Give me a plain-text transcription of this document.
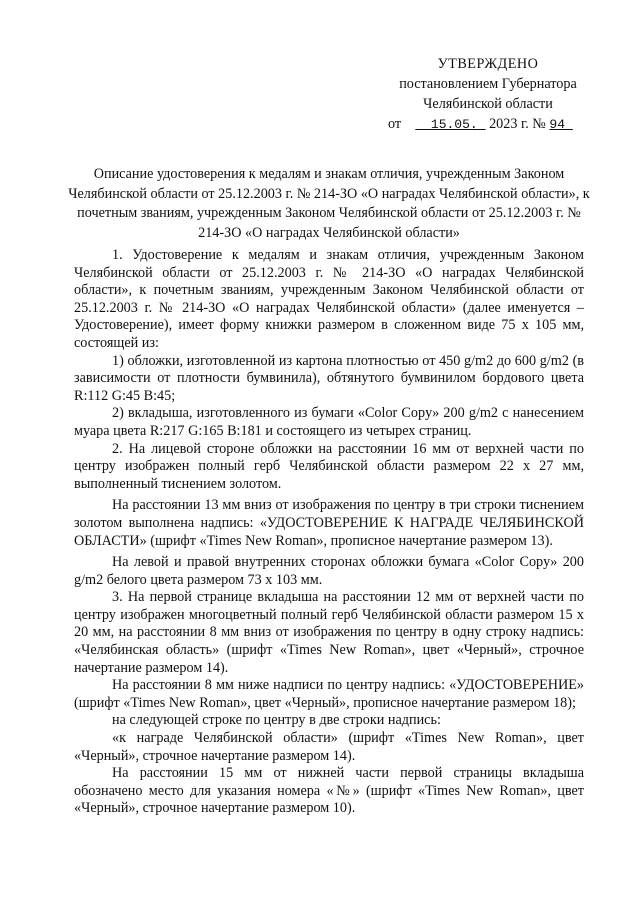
УТВЕРЖДЕНО
постановлением Губернатора
Челябинской области
от 15.05. 2023 г. № 94
Описание удостоверения к медалям и знакам отличия, учрежденным Законом Челябинской области от 25.12.2003 г. № 214-ЗО «О наградах Челябинской области», к почетным званиям, учрежденным Законом Челябинской области от 25.12.2003 г. № 214-ЗО «О наградах Челябинской области»

1. Удостоверение к медалям и знакам отличия, учрежденным Законом Челябинской области от 25.12.2003 г. № 214-ЗО «О наградах Челябинской области», к почетным званиям, учрежденным Законом Челябинской области от 25.12.2003 г. № 214-ЗО «О наградах Челябинской области» (далее именуется – Удостоверение), имеет форму книжки размером в сложенном виде 75 х 105 мм, состоящей из:

1) обложки, изготовленной из картона плотностью от 450 g/m2 до 600 g/m2 (в зависимости от плотности бумвинила), обтянутого бумвинилом бордового цвета R:112 G:45 B:45;

2) вкладыша, изготовленного из бумаги «Color Copy» 200 g/m2 с нанесением муара цвета R:217 G:165 B:181 и состоящего из четырех страниц.

2. На лицевой стороне обложки на расстоянии 16 мм от верхней части по центру изображен полный герб Челябинской области размером 22 х 27 мм, выполненный тиснением золотом.

На расстоянии 13 мм вниз от изображения по центру в три строки тиснением золотом выполнена надпись: «УДОСТОВЕРЕНИЕ К НАГРАДЕ ЧЕЛЯБИНСКОЙ ОБЛАСТИ» (шрифт «Times New Roman», прописное начертание размером 13).

На левой и правой внутренних сторонах обложки бумага «Color Copy» 200 g/m2 белого цвета размером 73 х 103 мм.

3. На первой странице вкладыша на расстоянии 12 мм от верхней части по центру изображен многоцветный полный герб Челябинской области размером 15 х 20 мм, на расстоянии 8 мм вниз от изображения по центру в одну строку надпись: «Челябинская область» (шрифт «Times New Roman», цвет «Черный», строчное начертание размером 14).

На расстоянии 8 мм ниже надписи по центру надпись: «УДОСТОВЕРЕНИЕ» (шрифт «Times New Roman», цвет «Черный», прописное начертание размером 18);

на следующей строке по центру в две строки надпись:

«к награде Челябинской области» (шрифт «Times New Roman», цвет «Черный», строчное начертание размером 14).

На расстоянии 15 мм от нижней части первой страницы вкладыша обозначено место для указания номера «№» (шрифт «Times New Roman», цвет «Черный», строчное начертание размером 10).
